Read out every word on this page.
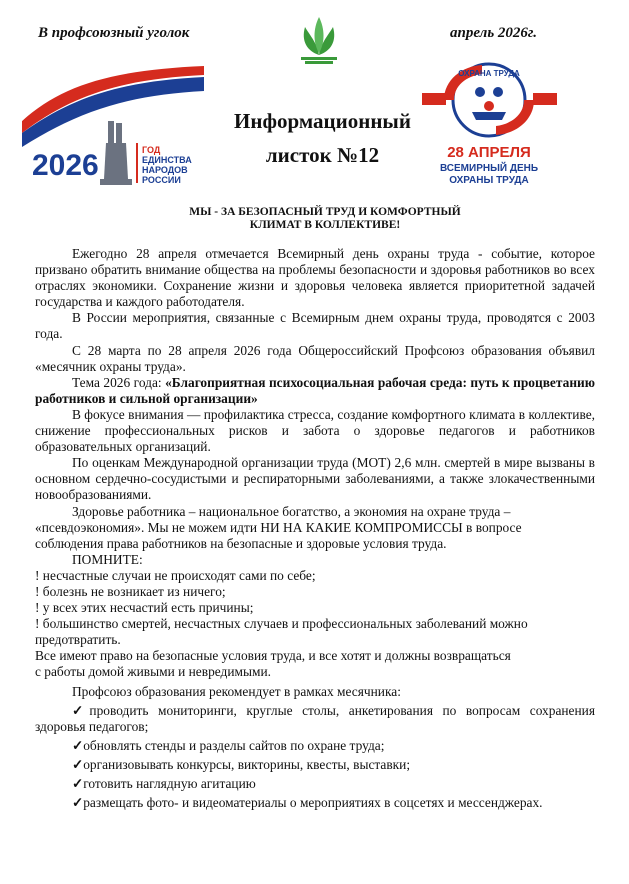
В профсоюзный уголок	апрель 2026г.
2026	ГОД
ЕДИНСТВА
НАРОДОВ
РОССИИ
ОХРАНА ТРУДА
28 АПРЕЛЯ
ВСЕМИРНЫЙ ДЕНЬ
ОХРАНЫ ТРУДА
Информационный
листок №12
МЫ - ЗА БЕЗОПАСНЫЙ ТРУД И КОМФОРТНЫЙ
КЛИМАТ В КОЛЛЕКТИВЕ!

Ежегодно 28 апреля отмечается Всемирный день охраны труда - событие, которое призвано обратить внимание общества на проблемы безопасности и здоровья работников во всех отраслях экономики. Сохранение жизни и здоровья человека является приоритетной задачей государства и каждого работодателя.

В России мероприятия, связанные с Всемирным днем охраны труда, проводятся с 2003 года.

С 28 марта по 28 апреля 2026 года Общероссийский Профсоюз образования объявил «месячник охраны труда».

Тема 2026 года: «Благоприятная психосоциальная рабочая среда: путь к процветанию работников и сильной организации»

В фокусе внимания — профилактика стресса, создание комфортного климата в коллективе, снижение профессиональных рисков и забота о здоровье педагогов и работников образовательных организаций.

По оценкам Международной организации труда (МОТ) 2,6 млн. смертей в мире вызваны в основном сердечно-сосудистыми и респираторными заболеваниями, а также злокачественными новообразованиями.

Здоровье работника – национальное богатство, а экономия на охране труда –

«псевдоэкономия». Мы не можем идти НИ НА КАКИЕ КОМПРОМИССЫ в вопросе

соблюдения права работников на безопасные и здоровые условия труда.

ПОМНИТЕ:

! несчастные случаи не происходят сами по себе;

! болезнь не возникает из ничего;

! у всех этих несчастий есть причины;

! большинство смертей, несчастных случаев и профессиональных заболеваний можно предотвратить.

Все имеют право на безопасные условия труда, и все хотят и должны возвращаться

с работы домой живыми и невредимыми.

Профсоюз образования рекомендует в рамках месячника:

✓проводить мониторинги, круглые столы, анкетирования по вопросам сохранения здоровья педагогов;

✓обновлять стенды и разделы сайтов по охране труда;

✓организовывать конкурсы, викторины, квесты, выставки;

✓готовить наглядную агитацию

✓размещать фото- и видеоматериалы о мероприятиях в соцсетях и мессенджерах.
